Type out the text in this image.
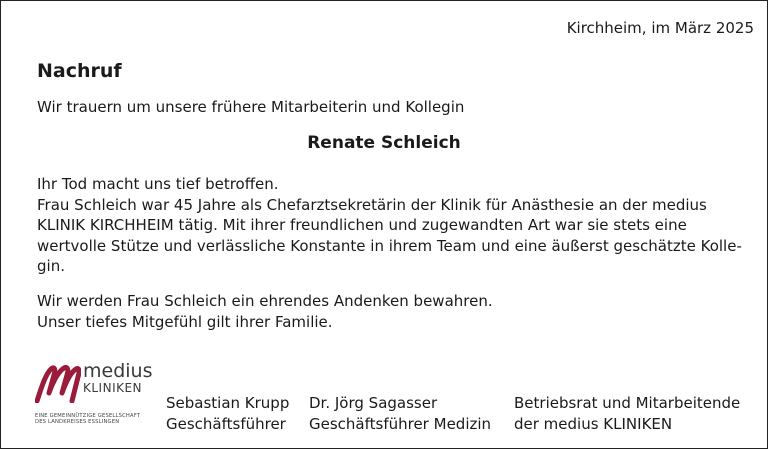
Kirchheim, im März 2025
Nachruf
Wir trauern um unsere frühere Mitarbeiterin und Kollegin
Renate Schleich
Ihr Tod macht uns tief betroffen.
Frau Schleich war 45 Jahre als Chefarztsekretärin der Klinik für Anästhesie an der medius
KLINIK KIRCHHEIM tätig. Mit ihrer freundlichen und zugewandten Art war sie stets eine
wertvolle Stütze und verlässliche Konstante in ihrem Team und eine äußerst geschätzte Kolle-
gin.
Wir werden Frau Schleich ein ehrendes Andenken bewahren.
Unser tiefes Mitgefühl gilt ihrer Familie.
medius
KLINIKEN
EINE GEMEINNÜTZIGE GESELLSCHAFT
DES LANDKREISES ESSLINGEN
Sebastian Krupp
Geschäftsführer
Dr. Jörg Sagasser
Geschäftsführer Medizin
Betriebsrat und Mitarbeitende
der medius KLINIKEN
